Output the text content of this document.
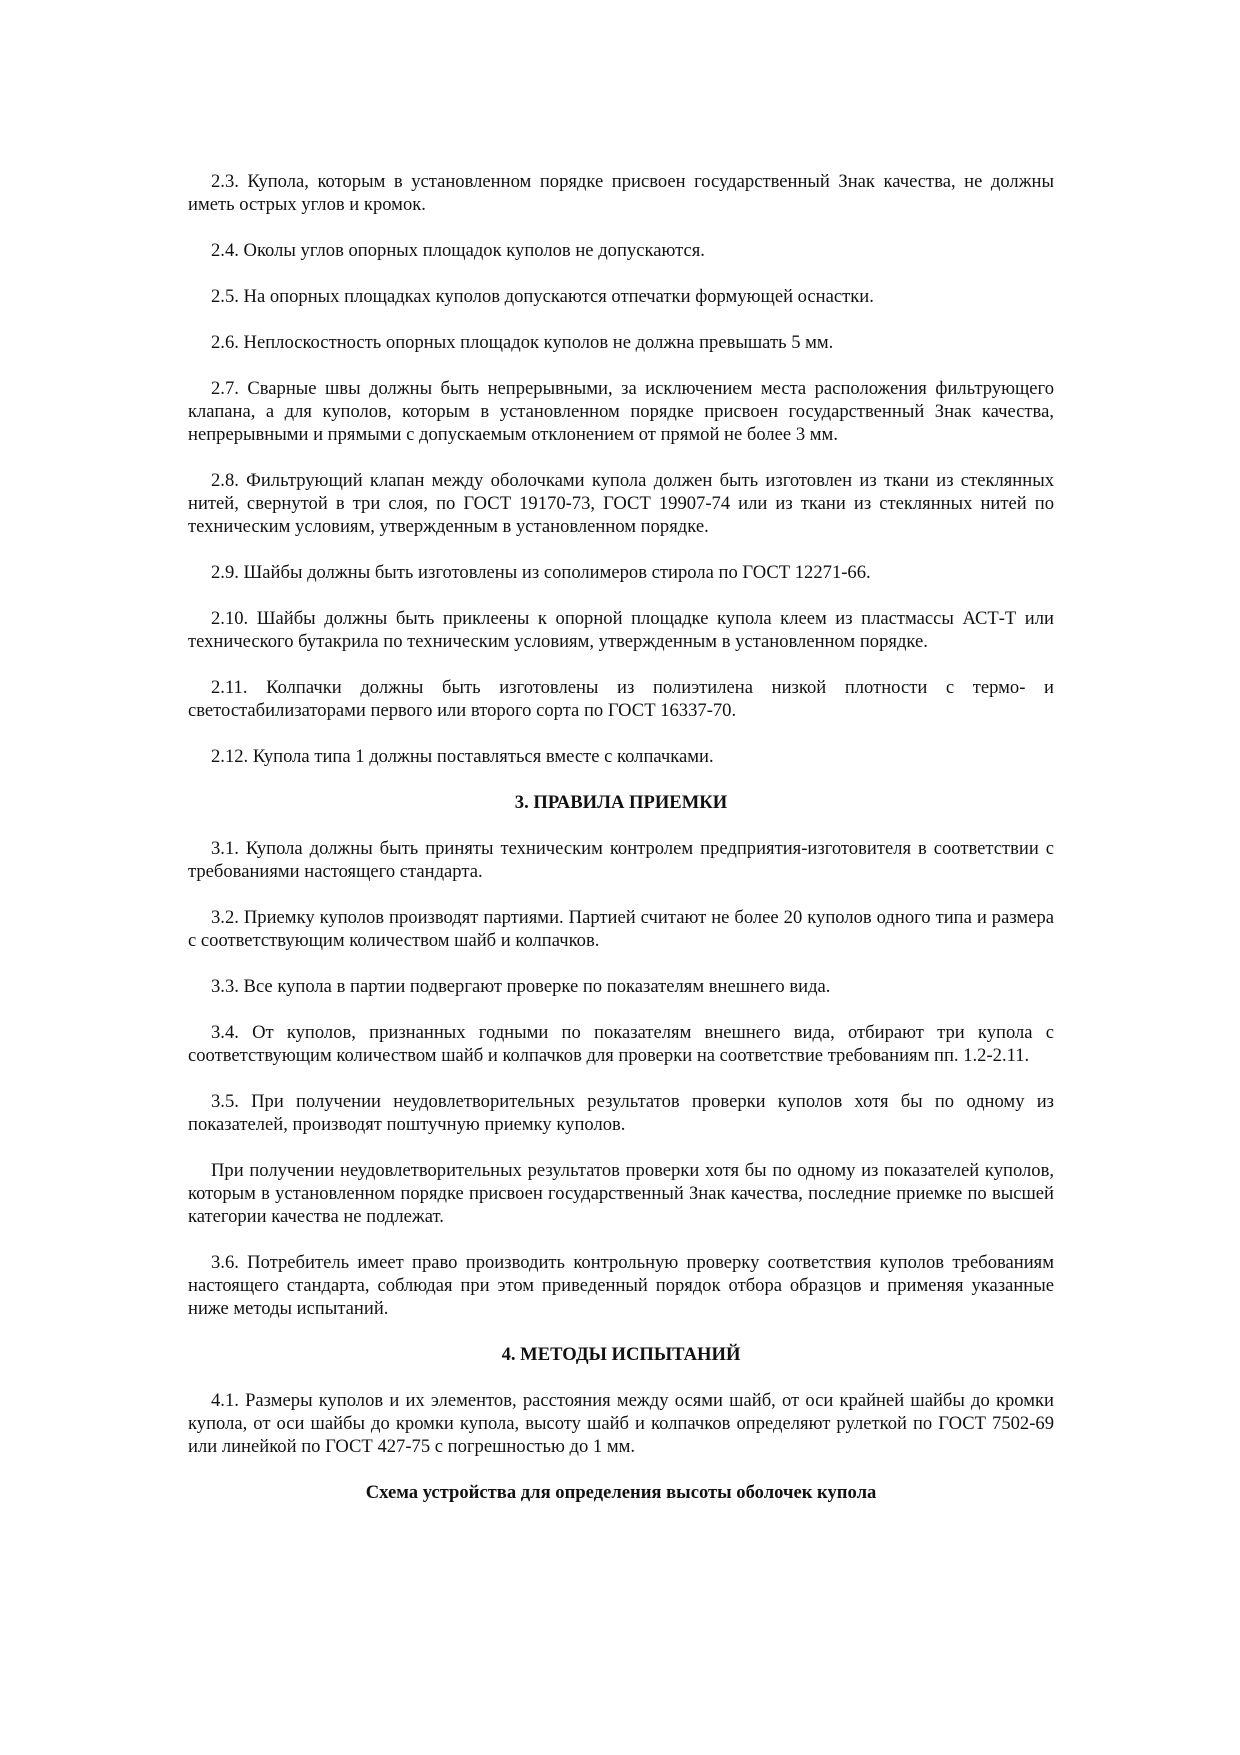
2.3. Купола, которым в установленном порядке присвоен государственный Знак качества, не должны иметь острых углов и кромок.

2.4. Околы углов опорных площадок куполов не допускаются.

2.5. На опорных площадках куполов допускаются отпечатки формующей оснастки.

2.6. Неплоскостность опорных площадок куполов не должна превышать 5 мм.

2.7. Сварные швы должны быть непрерывными, за исключением места расположения фильтрующего клапана, а для куполов, которым в установленном порядке присвоен государственный Знак качества, непрерывными и прямыми с допускаемым отклонением от прямой не более 3 мм.

2.8. Фильтрующий клапан между оболочками купола должен быть изготовлен из ткани из стеклянных нитей, свернутой в три слоя, по ГОСТ 19170-73, ГОСТ 19907-74 или из ткани из стеклянных нитей по техническим условиям, утвержденным в установленном порядке.

2.9. Шайбы должны быть изготовлены из сополимеров стирола по ГОСТ 12271-66.

2.10. Шайбы должны быть приклеены к опорной площадке купола клеем из пластмассы АСТ-Т или технического бутакрила по техническим условиям, утвержденным в установленном порядке.

2.11. Колпачки должны быть изготовлены из полиэтилена низкой плотности с термо- и светостабилизаторами первого или второго сорта по ГОСТ 16337-70.

2.12. Купола типа 1 должны поставляться вместе с колпачками.

3. ПРАВИЛА ПРИЕМКИ

3.1. Купола должны быть приняты техническим контролем предприятия-изготовителя в соответствии с требованиями настоящего стандарта.

3.2. Приемку куполов производят партиями. Партией считают не более 20 куполов одного типа и размера с соответствующим количеством шайб и колпачков.

3.3. Все купола в партии подвергают проверке по показателям внешнего вида.

3.4. От куполов, признанных годными по показателям внешнего вида, отбирают три купола с соответствующим количеством шайб и колпачков для проверки на соответствие требованиям пп. 1.2-2.11.

3.5. При получении неудовлетворительных результатов проверки куполов хотя бы по одному из показателей, производят поштучную приемку куполов.

При получении неудовлетворительных результатов проверки хотя бы по одному из показателей куполов, которым в установленном порядке присвоен государственный Знак качества, последние приемке по высшей категории качества не подлежат.

3.6. Потребитель имеет право производить контрольную проверку соответствия куполов требованиям настоящего стандарта, соблюдая при этом приведенный порядок отбора образцов и применяя указанные ниже методы испытаний.

4. МЕТОДЫ ИСПЫТАНИЙ

4.1. Размеры куполов и их элементов, расстояния между осями шайб, от оси крайней шайбы до кромки купола, от оси шайбы до кромки купола, высоту шайб и колпачков определяют рулеткой по ГОСТ 7502-69 или линейкой по ГОСТ 427-75 с погрешностью до 1 мм.

Схема устройства для определения высоты оболочек купола
